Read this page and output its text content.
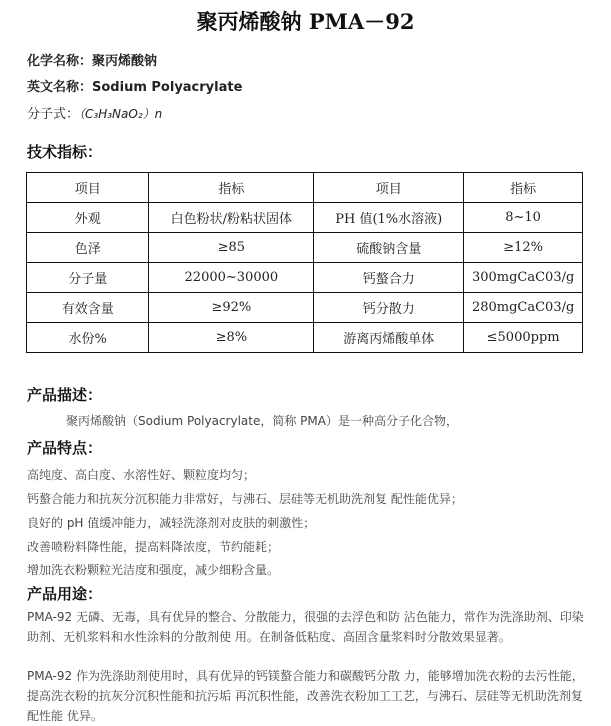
聚丙烯酸钠 PMA－92
化学名称：聚丙烯酸钠
英文名称：Sodium Polyacrylate
分子式：（C₃H₃NaO₂）n
技术指标：
项目	指标	项目	指标
外观	白色粉状/粉粘状固体	PH 值(1%水溶液)	8~10
色泽	≥85	硫酸钠含量	≥12%
分子量	22000~30000	钙螯合力	300mgCaC03/g
有效含量	≥92%	钙分散力	280mgCaC03/g
水份%	≥8%	游离丙烯酸单体	≤5000ppm
产品描述：
聚丙烯酸钠（Sodium Polyacrylate，简称 PMA）是一种高分子化合物，
产品特点：
高纯度、高白度、水溶性好、颗粒度均匀；
钙螯合能力和抗灰分沉积能力非常好，与沸石、层硅等无机助洗剂复 配性能优异；
良好的 pH 值缓冲能力，减轻洗涤剂对皮肤的刺激性；
改善喷粉料降性能，提高料降浓度，节约能耗；
增加洗衣粉颗粒光洁度和强度，减少细粉含量。
产品用途：
PMA-92 无磷、无毒，具有优异的整合、分散能力，很强的去浮色和防 沾色能力，常作为洗涤助剂、印染助剂、无机浆料和水性涂料的分散剂使 用。在制备低粘度、高固含量浆料时分散效果显著。
PMA-92 作为洗涤助剂使用时，具有优异的钙镁螯合能力和碳酸钙分散 力，能够增加洗衣粉的去污性能，提高洗衣粉的抗灰分沉积性能和抗污垢 再沉积性能，改善洗衣粉加工工艺，与沸石、层硅等无机助洗剂复配性能 优异。
